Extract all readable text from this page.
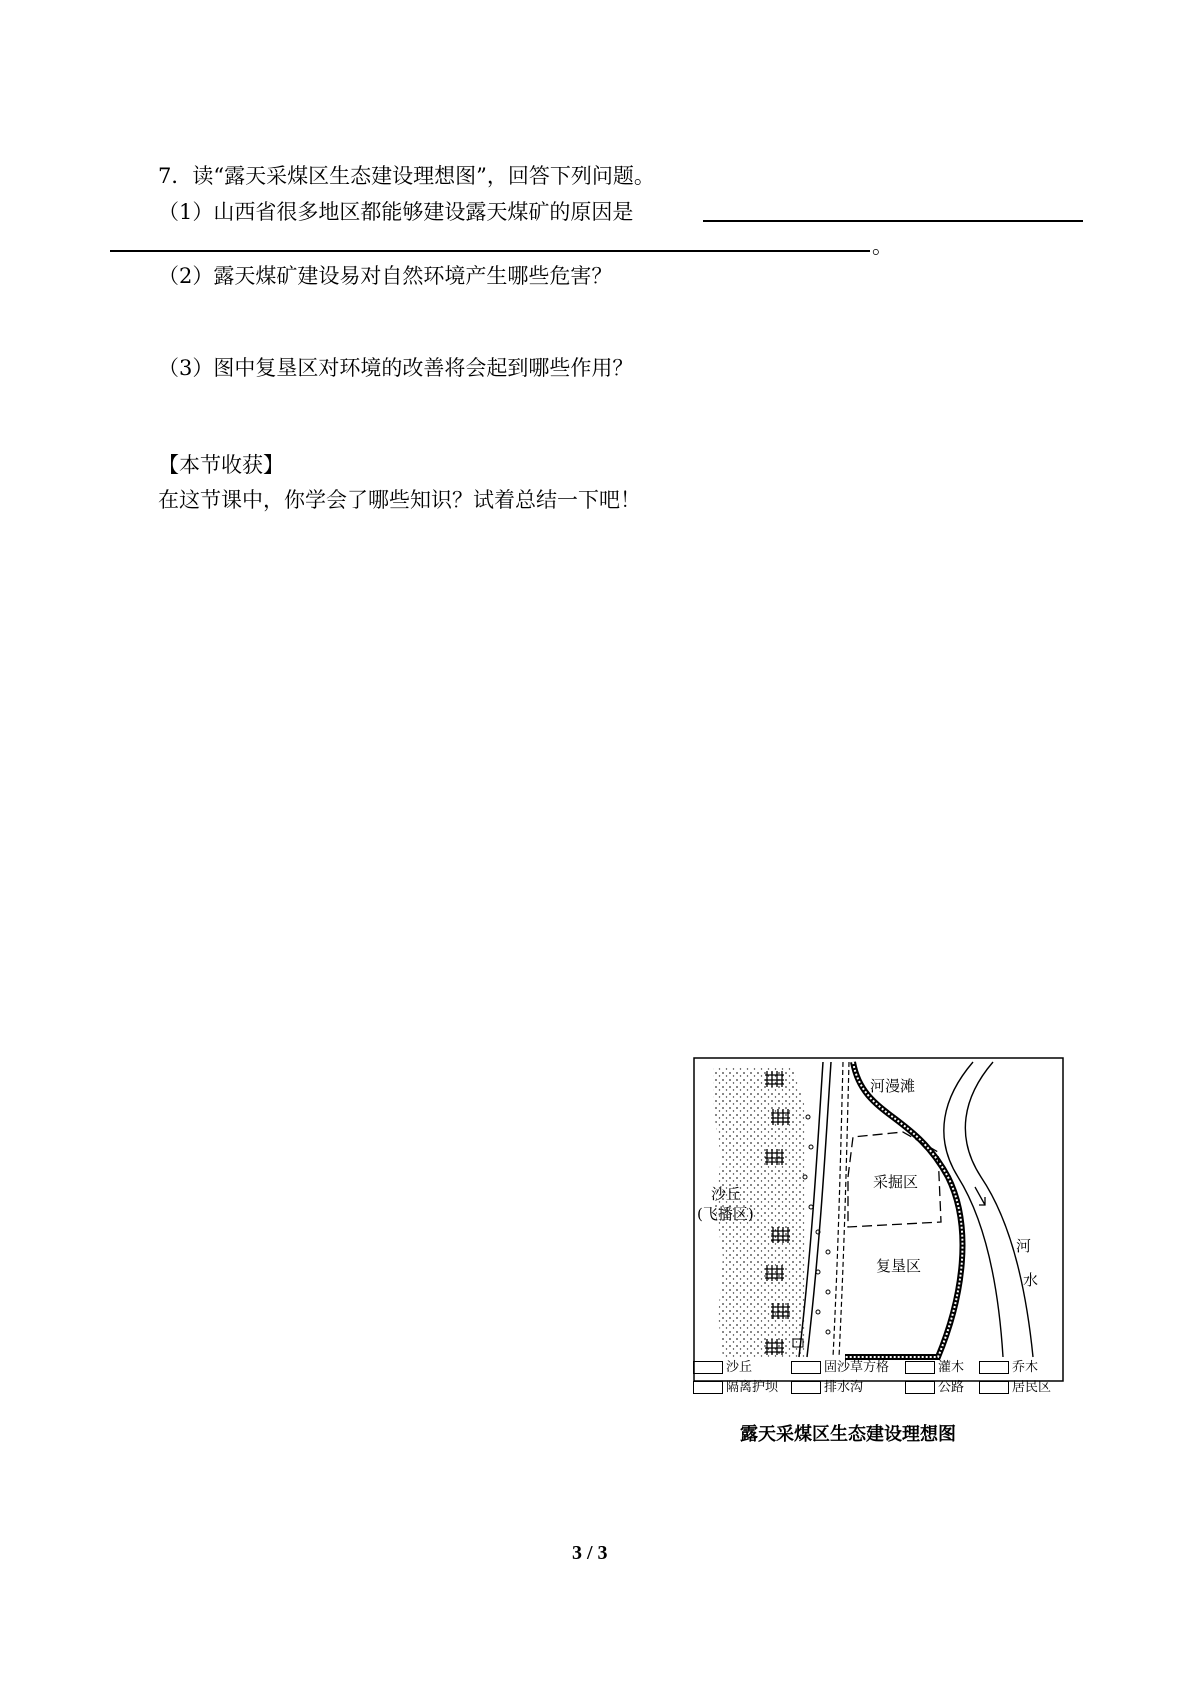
7．读“露天采煤区生态建设理想图”，回答下列问题。
（1）山西省很多地区都能够建设露天煤矿的原因是
。
（2）露天煤矿建设易对自然环境产生哪些危害？
（3）图中复垦区对环境的改善将会起到哪些作用？
【本节收获】
在这节课中，你学会了哪些知识？试着总结一下吧！
河漫滩
采掘区
沙丘
(飞播区)
复垦区
河
水
沙丘	固沙草方格	灌木	乔木
隔离护坝	排水沟	公路	居民区
露天采煤区生态建设理想图
3 / 3
